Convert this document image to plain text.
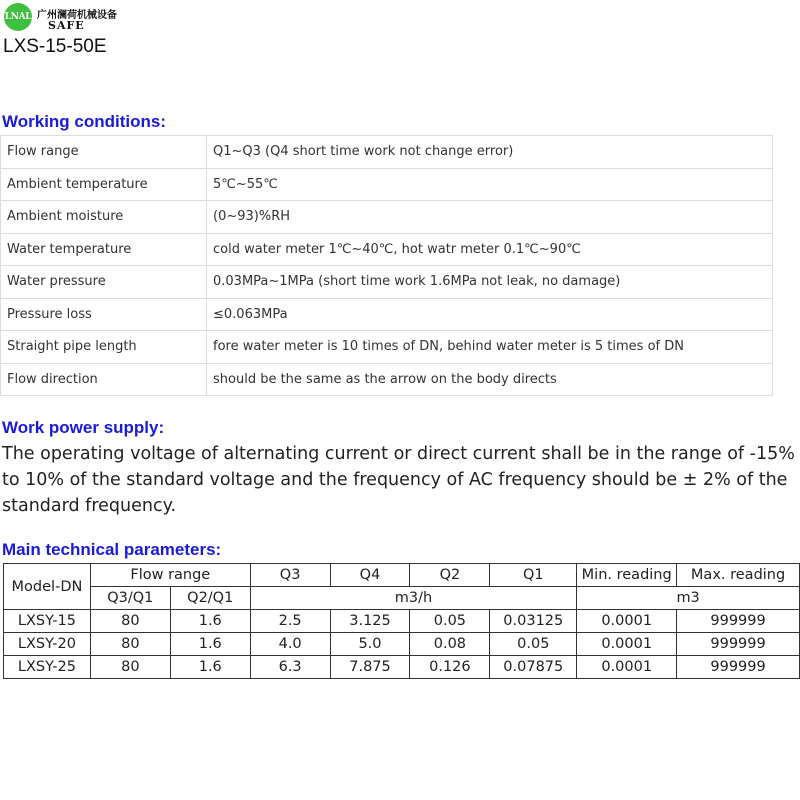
LNAL 广州澜荷机械设备
SAFE
LXS-15-50E
Working conditions:
Flow range	Q1~Q3 (Q4 short time work not change error)
Ambient temperature	5℃~55℃
Ambient moisture	(0~93)%RH
Water temperature	cold water meter 1℃~40℃, hot watr meter 0.1℃~90℃
Water pressure	0.03MPa~1MPa (short time work 1.6MPa not leak, no damage)
Pressure loss	≤0.063MPa
Straight pipe length	fore water meter is 10 times of DN, behind water meter is 5 times of DN
Flow direction	should be the same as the arrow on the body directs
Work power supply:
The operating voltage of alternating current or direct current shall be in the range of -15% to 10% of the standard voltage and the frequency of AC frequency should be ± 2% of the standard frequency.
Main technical parameters:
Model-DN	Flow range		Q3	Q4	Q2	Q1	Min. reading	Max. reading
	Q3/Q1	Q2/Q1	m3/h				m3	
LXSY-15	80	1.6	2.5	3.125	0.05	0.03125	0.0001	999999
LXSY-20	80	1.6	4.0	5.0	0.08	0.05	0.0001	999999
LXSY-25	80	1.6	6.3	7.875	0.126	0.07875	0.0001	999999
